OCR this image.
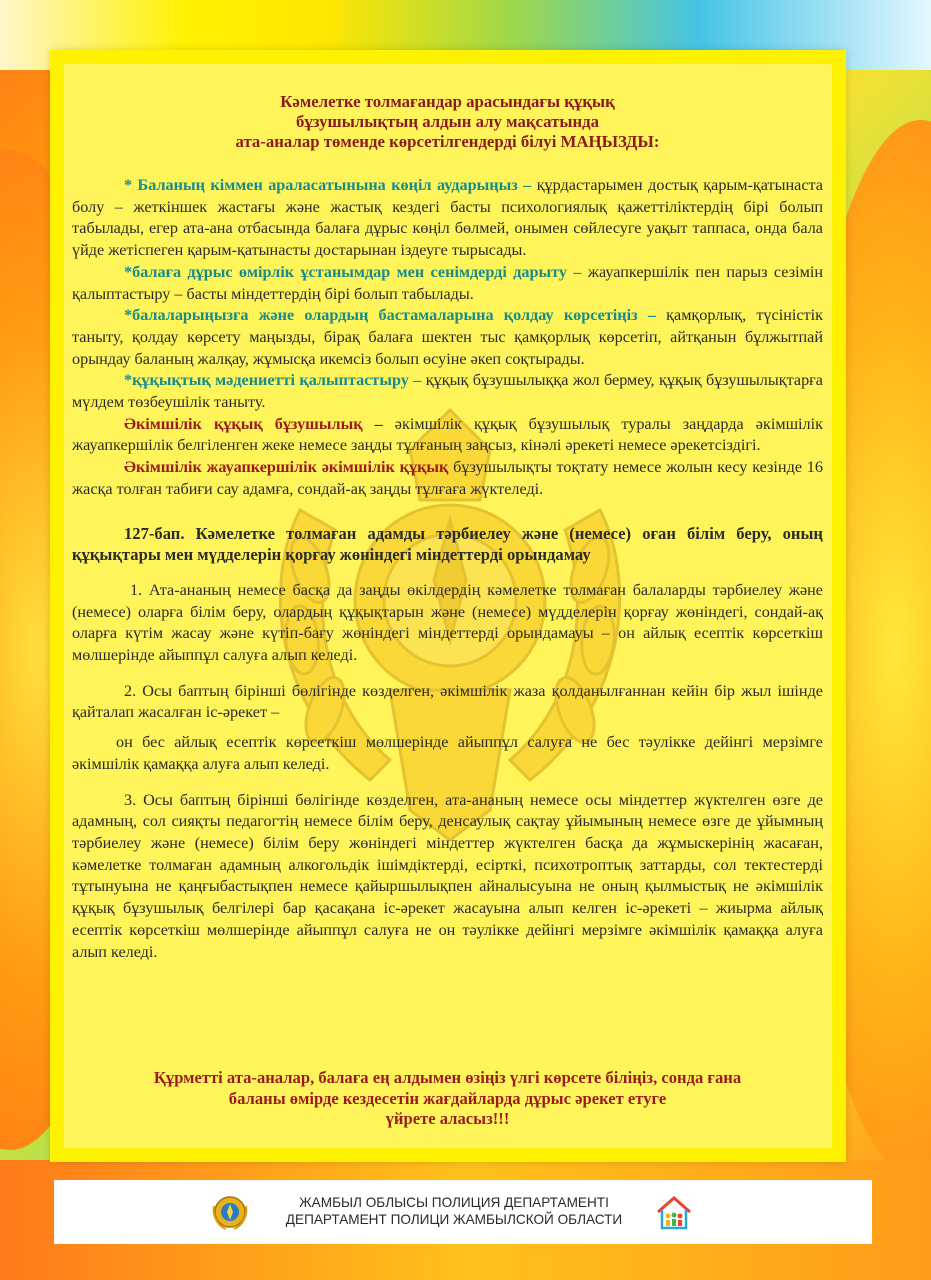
Кәмелетке толмағандар арасындағы құқық
бұзушылықтың алдын алу мақсатында
ата-аналар төменде көрсетілгендерді білуі МАҢЫЗДЫ:

* Баланың кіммен араласатынына көңіл аударыңыз – құрдастарымен достық қарым-қатынаста болу – жеткіншек жастағы және жастық кездегі басты психологиялық қажеттіліктердің бірі болып табылады, егер ата-ана отбасында балаға дұрыс көңіл бөлмей, онымен сөйлесуге уақыт таппаса, онда бала үйде жетіспеген қарым-қатынасты достарынан іздеуге тырысады.

*балаға дұрыс өмірлік ұстанымдар мен сенімдерді дарыту – жауапкершілік пен парыз сезімін қалыптастыру – басты міндеттердің бірі болып табылады.

*балаларыңызға және олардың бастамаларына қолдау көрсетіңіз – қамқорлық, түсіністік таныту, қолдау көрсету маңызды, бірақ балаға шектен тыс қамқорлық көрсетіп, айтқанын бұлжытпай орындау баланың жалқау, жұмысқа икемсіз болып өсуіне әкеп соқтырады.

*құқықтық мәдениетті қалыптастыру – құқық бұзушылыққа жол бермеу, құқық бұзушылықтарға мүлдем төзбеушілік таныту.

Әкімшілік құқық бұзушылық – әкімшілік құқық бұзушылық туралы заңдарда әкімшілік жауапкершілік белгіленген жеке немесе заңды тұлғаның заңсыз, кінәлі әрекеті немесе әрекетсіздігі.

Әкімшілік жауапкершілік әкімшілік құқық бұзушылықты тоқтату немесе жолын кесу кезінде 16 жасқа толған табиғи сау адамға, сондай-ақ заңды тұлғаға жүктеледі.

127-бап. Кәмелетке толмаған адамды тәрбиелеу және (немесе) оған білім беру, оның құқықтары мен мүдделерін қорғау жөніндегі міндеттерді орындамау

1. Ата-ананың немесе басқа да заңды өкілдердің кәмелетке толмаған балаларды тәрбиелеу және (немесе) оларға білім беру, олардың құқықтарын және (немесе) мүдделерін қорғау жөніндегі, сондай-ақ оларға күтім жасау және күтіп-бағу жөніндегі міндеттерді орындамауы – он айлық есептік көрсеткіш мөлшерінде айыппұл салуға алып келеді.

2. Осы баптың бірінші бөлігінде көзделген, әкімшілік жаза қолданылғаннан кейін бір жыл ішінде қайталап жасалған іс-әрекет –

он бес айлық есептік көрсеткіш мөлшерінде айыппұл салуға не бес тәулікке дейінгі мерзімге әкімшілік қамаққа алуға алып келеді.

3. Осы баптың бірінші бөлігінде көзделген, ата-ананың немесе осы міндеттер жүктелген өзге де адамның, сол сияқты педагогтің немесе білім беру, денсаулық сақтау ұйымының немесе өзге де ұйымның тәрбиелеу және (немесе) білім беру жөніндегі міндеттер жүктелген басқа да жұмыскерінің жасаған, кәмелетке толмаған адамның алкогольдік ішімдіктерді, есірткі, психотроптық заттарды, сол тектестерді тұтынуына не қаңғыбастықпен немесе қайыршылықпен айналысуына не оның қылмыстық не әкімшілік құқық бұзушылық белгілері бар қасақана іс-әрекет жасауына алып келген іс-әрекеті – жиырма айлық есептік көрсеткіш мөлшерінде айыппұл салуға не он тәулікке дейінгі мерзімге әкімшілік қамаққа алуға алып келеді.

Құрметті ата-аналар, балаға ең алдымен өзіңіз үлгі көрсете біліңіз, сонда ғана
баланы өмірде кездесетін жағдайларда дұрыс әрекет етуге
үйрете аласыз!!!
ЖАМБЫЛ ОБЛЫСЫ ПОЛИЦИЯ ДЕПАРТАМЕНТІ
ДЕПАРТАМЕНТ ПОЛИЦИ ЖАМБЫЛСКОЙ ОБЛАСТИ
